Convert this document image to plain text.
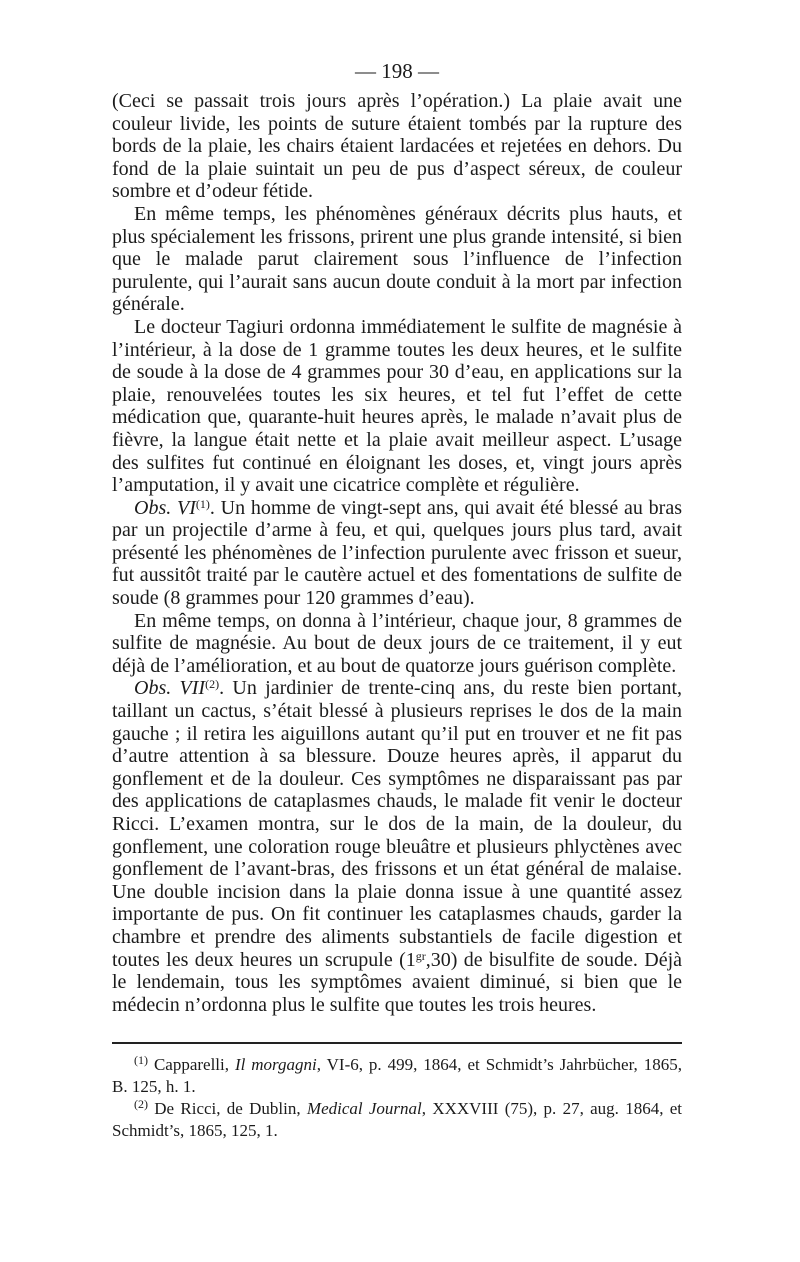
— 198 —

(Ceci se passait trois jours après l’opération.) La plaie avait une couleur livide, les points de suture étaient tombés par la rupture des bords de la plaie, les chairs étaient lardacées et rejetées en dehors. Du fond de la plaie suintait un peu de pus d’aspect séreux, de couleur sombre et d’odeur fétide.

En même temps, les phénomènes généraux décrits plus hauts, et plus spécialement les frissons, prirent une plus grande intensité, si bien que le malade parut clairement sous l’influence de l’infection purulente, qui l’aurait sans aucun doute conduit à la mort par infection générale.

Le docteur Tagiuri ordonna immédiatement le sulfite de magnésie à l’intérieur, à la dose de 1 gramme toutes les deux heures, et le sulfite de soude à la dose de 4 grammes pour 30 d’eau, en applications sur la plaie, renouvelées toutes les six heures, et tel fut l’effet de cette médication que, quarante-huit heures après, le malade n’avait plus de fièvre, la langue était nette et la plaie avait meilleur aspect. L’usage des sulfites fut continué en éloignant les doses, et, vingt jours après l’amputation, il y avait une cicatrice complète et régulière.

Obs. VI$^{(1)}$. Un homme de vingt-sept ans, qui avait été blessé au bras par un projectile d’arme à feu, et qui, quelques jours plus tard, avait présenté les phénomènes de l’infection purulente avec frisson et sueur, fut aussitôt traité par le cautère actuel et des fomentations de sulfite de soude (8 grammes pour 120 grammes d’eau).

En même temps, on donna à l’intérieur, chaque jour, 8 grammes de sulfite de magnésie. Au bout de deux jours de ce traitement, il y eut déjà de l’amélioration, et au bout de quatorze jours guérison complète.

Obs. VII$^{(2)}$. Un jardinier de trente-cinq ans, du reste bien portant, taillant un cactus, s’était blessé à plusieurs reprises le dos de la main gauche ; il retira les aiguillons autant qu’il put en trouver et ne fit pas d’autre attention à sa blessure. Douze heures après, il apparut du gonflement et de la douleur. Ces symptômes ne disparaissant pas par des applications de cataplasmes chauds, le malade fit venir le docteur Ricci. L’examen montra, sur le dos de la main, de la douleur, du gonflement, une coloration rouge bleuâtre et plusieurs phlyctènes avec gonflement de l’avant-bras, des frissons et un état général de malaise. Une double incision dans la plaie donna issue à une quantité assez importante de pus. On fit continuer les cataplasmes chauds, garder la chambre et prendre des aliments substantiels de facile digestion et toutes les deux heures un scrupule $(1^{gr},30)$ de bisulfite de soude. Déjà le lendemain, tous les symptômes avaient diminué, si bien que le médecin n’ordonna plus le sulfite que toutes les trois heures.

$^{(1)}$ Capparelli, Il morgagni, VI-6, p. 499, 1864, et Schmidt’s Jahrbücher, 1865, B. 125, h. 1.

$^{(2)}$ De Ricci, de Dublin, Medical Journal, XXXVIII (75), p. 27, aug. 1864, et Schmidt’s, 1865, 125, 1.
